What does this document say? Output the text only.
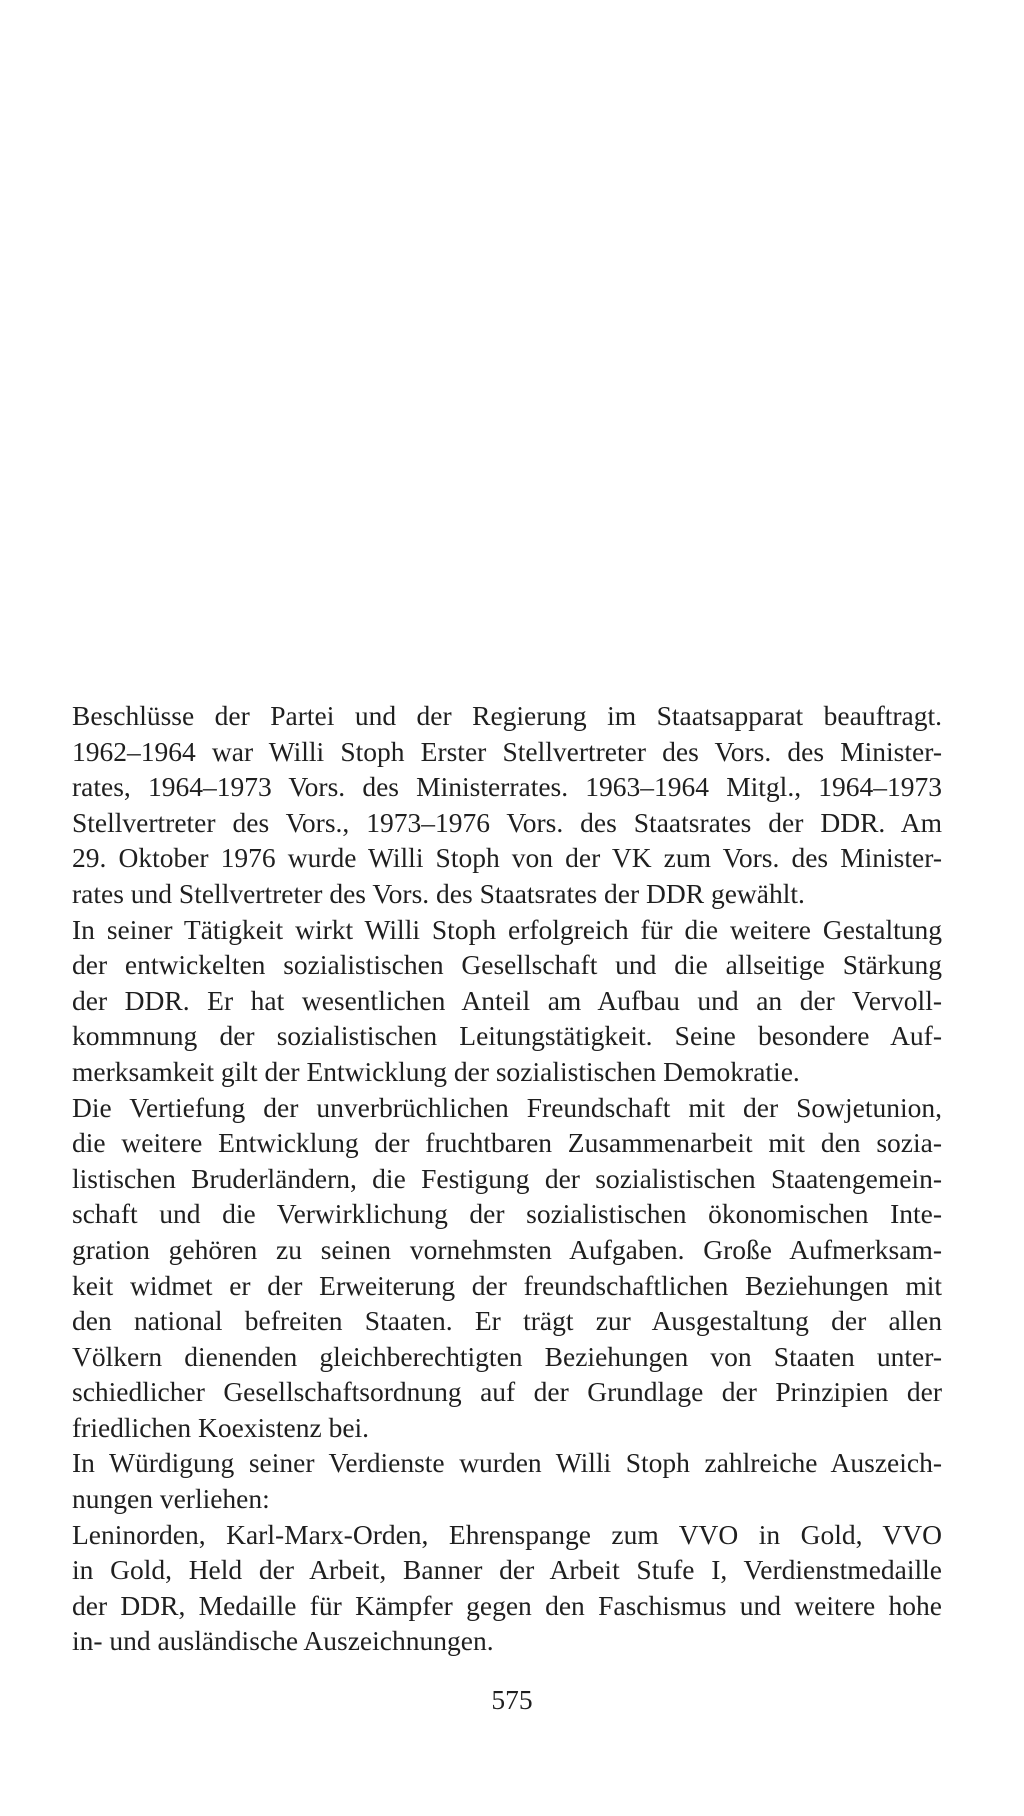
Beschlüsse der Partei und der Regierung im Staatsapparat beauftragt.
1962–1964 war Willi Stoph Erster Stellvertreter des Vors. des Minister-
rates, 1964–1973 Vors. des Ministerrates. 1963–1964 Mitgl., 1964–1973
Stellvertreter des Vors., 1973–1976 Vors. des Staatsrates der DDR. Am
29. Oktober 1976 wurde Willi Stoph von der VK zum Vors. des Minister-
rates und Stellvertreter des Vors. des Staatsrates der DDR gewählt.
In seiner Tätigkeit wirkt Willi Stoph erfolgreich für die weitere Gestaltung
der entwickelten sozialistischen Gesellschaft und die allseitige Stärkung
der DDR. Er hat wesentlichen Anteil am Aufbau und an der Vervoll-
kommnung der sozialistischen Leitungstätigkeit. Seine besondere Auf-
merksamkeit gilt der Entwicklung der sozialistischen Demokratie.
Die Vertiefung der unverbrüchlichen Freundschaft mit der Sowjetunion,
die weitere Entwicklung der fruchtbaren Zusammenarbeit mit den sozia-
listischen Bruderländern, die Festigung der sozialistischen Staatengemein-
schaft und die Verwirklichung der sozialistischen ökonomischen Inte-
gration gehören zu seinen vornehmsten Aufgaben. Große Aufmerksam-
keit widmet er der Erweiterung der freundschaftlichen Beziehungen mit
den national befreiten Staaten. Er trägt zur Ausgestaltung der allen
Völkern dienenden gleichberechtigten Beziehungen von Staaten unter-
schiedlicher Gesellschaftsordnung auf der Grundlage der Prinzipien der
friedlichen Koexistenz bei.
In Würdigung seiner Verdienste wurden Willi Stoph zahlreiche Auszeich-
nungen verliehen:
Leninorden, Karl-Marx-Orden, Ehrenspange zum VVO in Gold, VVO
in Gold, Held der Arbeit, Banner der Arbeit Stufe I, Verdienstmedaille
der DDR, Medaille für Kämpfer gegen den Faschismus und weitere hohe
in- und ausländische Auszeichnungen.
575
